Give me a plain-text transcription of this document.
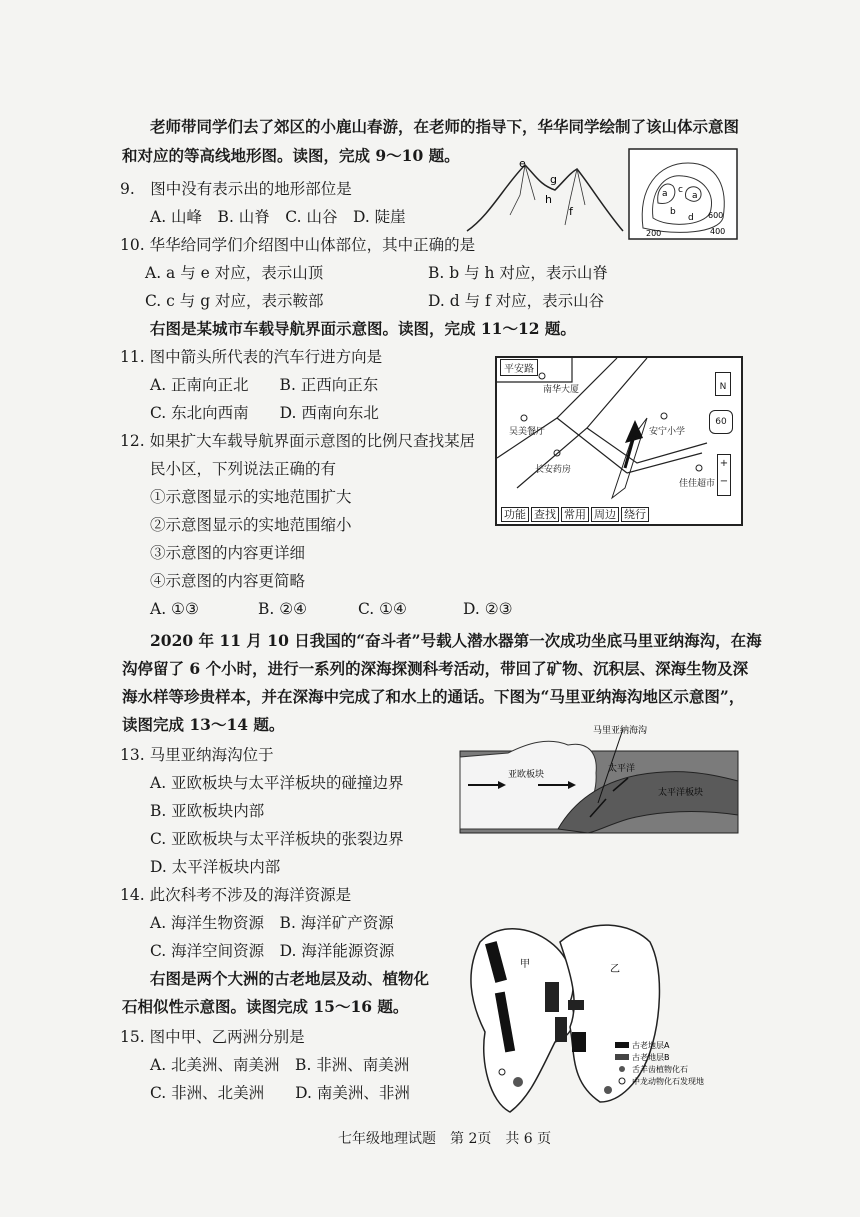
老师带同学们去了郊区的小鹿山春游，在老师的指导下，华华同学绘制了该山体示意图
和对应的等高线地形图。读图，完成 9～10 题。	e
g
h
f
a c
a
b
d 600
200	400
9.　图中没有表示出的地形部位是
A. 山峰　B. 山脊　C. 山谷　D. 陡崖
10. 华华给同学们介绍图中山体部位，其中正确的是
A. a 与 e 对应，表示山顶	B. b 与 h 对应，表示山脊
C. c 与 g 对应，表示鞍部	D. d 与 f 对应，表示山谷
右图是某城市车载导航界面示意图。读图，完成 11～12 题。
11. 图中箭头所代表的汽车行进方向是
A. 正南向正北　　B. 正西向正东
C. 东北向西南　　D. 西南向东北
平安路
南华大厦
吴美餐厅	安宁小学
长安药房
佳佳超市
N
60
+
−
功能 查找 常用 周边 绕行
12. 如果扩大车载导航界面示意图的比例尺查找某居
民小区，下列说法正确的有
①示意图显示的实地范围扩大
②示意图显示的实地范围缩小
③示意图的内容更详细
④示意图的内容更简略
A. ①③	B. ②④	C. ①④	D. ②③
2020 年 11 月 10 日我国的“奋斗者”号载人潜水器第一次成功坐底马里亚纳海沟，在海
沟停留了 6 个小时，进行一系列的深海探测科考活动，带回了矿物、沉积层、深海生物及深
海水样等珍贵样本，并在深海中完成了和水上的通话。下图为“马里亚纳海沟地区示意图”，
读图完成 13～14 题。	马里亚纳海沟
太平洋
亚欧板块
太平洋板块
13. 马里亚纳海沟位于
A. 亚欧板块与太平洋板块的碰撞边界
B. 亚欧板块内部
C. 亚欧板块与太平洋板块的张裂边界
D. 太平洋板块内部
14. 此次科考不涉及的海洋资源是
A. 海洋生物资源　B. 海洋矿产资源
C. 海洋空间资源　D. 海洋能源资源
右图是两个大洲的古老地层及动、植物化
石相似性示意图。读图完成 15～16 题。
甲	乙
古老地层A
古老地层B
舌羊齿植物化石
中龙动物化石发现地
15. 图中甲、乙两洲分别是
A. 北美洲、南美洲　B. 非洲、南美洲
C. 非洲、北美洲　　D. 南美洲、非洲
七年级地理试题　第 2页　共 6 页
